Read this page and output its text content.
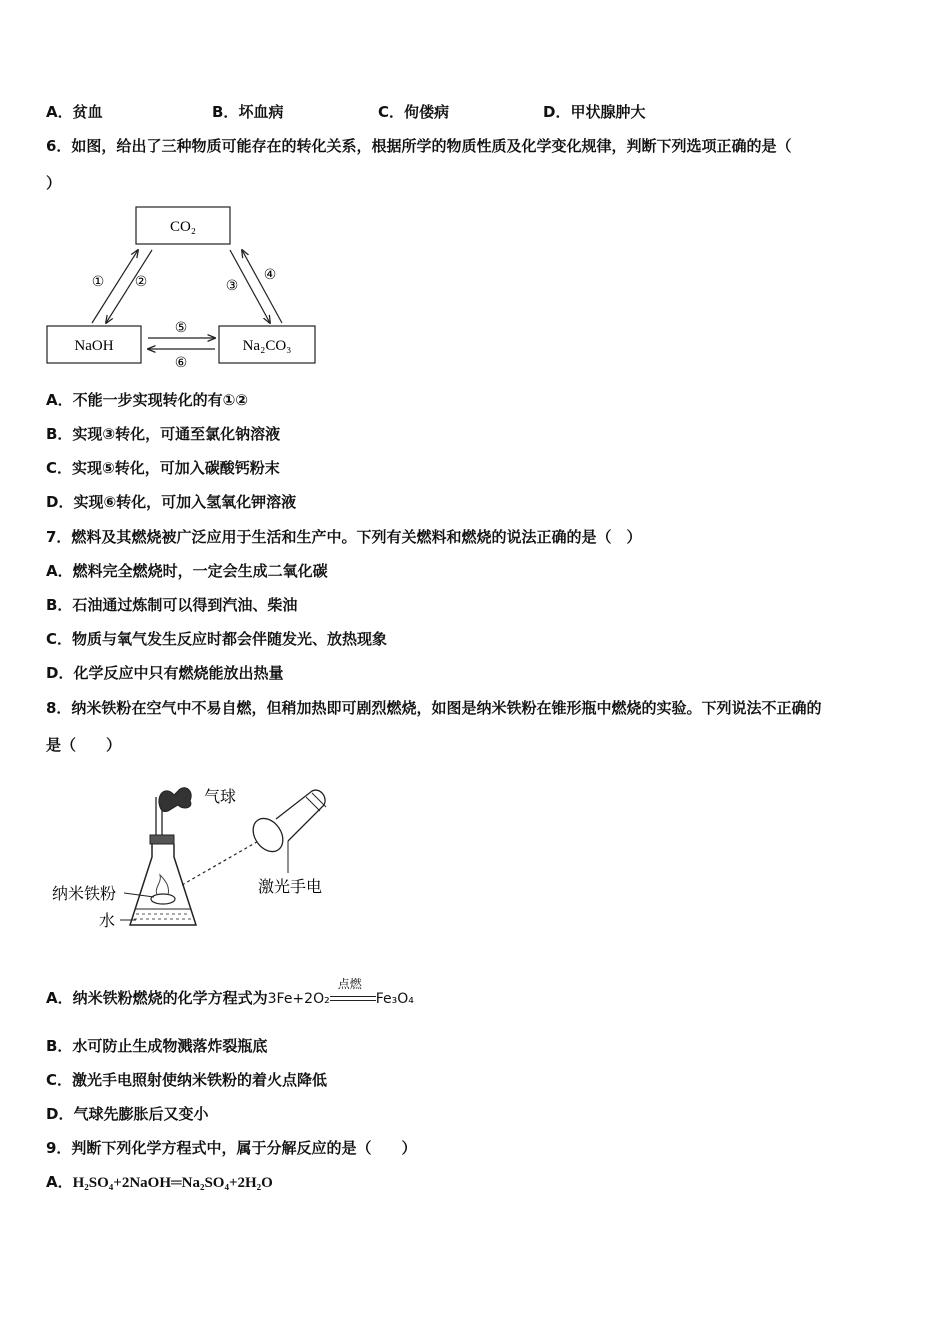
A．贫血	B．坏血病	C．佝偻病	D．甲状腺肿大
6．如图，给出了三种物质可能存在的转化关系，根据所学的物质性质及化学变化规律，判断下列选项正确的是（
）
CO₂
NaOH	Na₂CO₃
① ②	③
④
⑤
⑥
A．不能一步实现转化的有①②
B．实现③转化，可通至氯化钠溶液
C．实现⑤转化，可加入碳酸钙粉末
D．实现⑥转化，可加入氢氧化钾溶液
7．燃料及其燃烧被广泛应用于生活和生产中。下列有关燃料和燃烧的说法正确的是（　）
A．燃料完全燃烧时，一定会生成二氧化碳
B．石油通过炼制可以得到汽油、柴油
C．物质与氧气发生反应时都会伴随发光、放热现象
D．化学反应中只有燃烧能放出热量
8．纳米铁粉在空气中不易自燃，但稍加热即可剧烈燃烧，如图是纳米铁粉在锥形瓶中燃烧的实验。下列说法不正确的
是（　　）
气球
纳米铁粉
水
激光手电
A．纳米铁粉燃烧的化学方程式为3Fe+2O₂
点燃
Fe₃O₄
B．水可防止生成物溅落炸裂瓶底
C．激光手电照射使纳米铁粉的着火点降低
D．气球先膨胀后又变小
9．判断下列化学方程式中，属于分解反应的是（　　）
A．H₂SO₄+2NaOH═Na₂SO₄+2H₂O
